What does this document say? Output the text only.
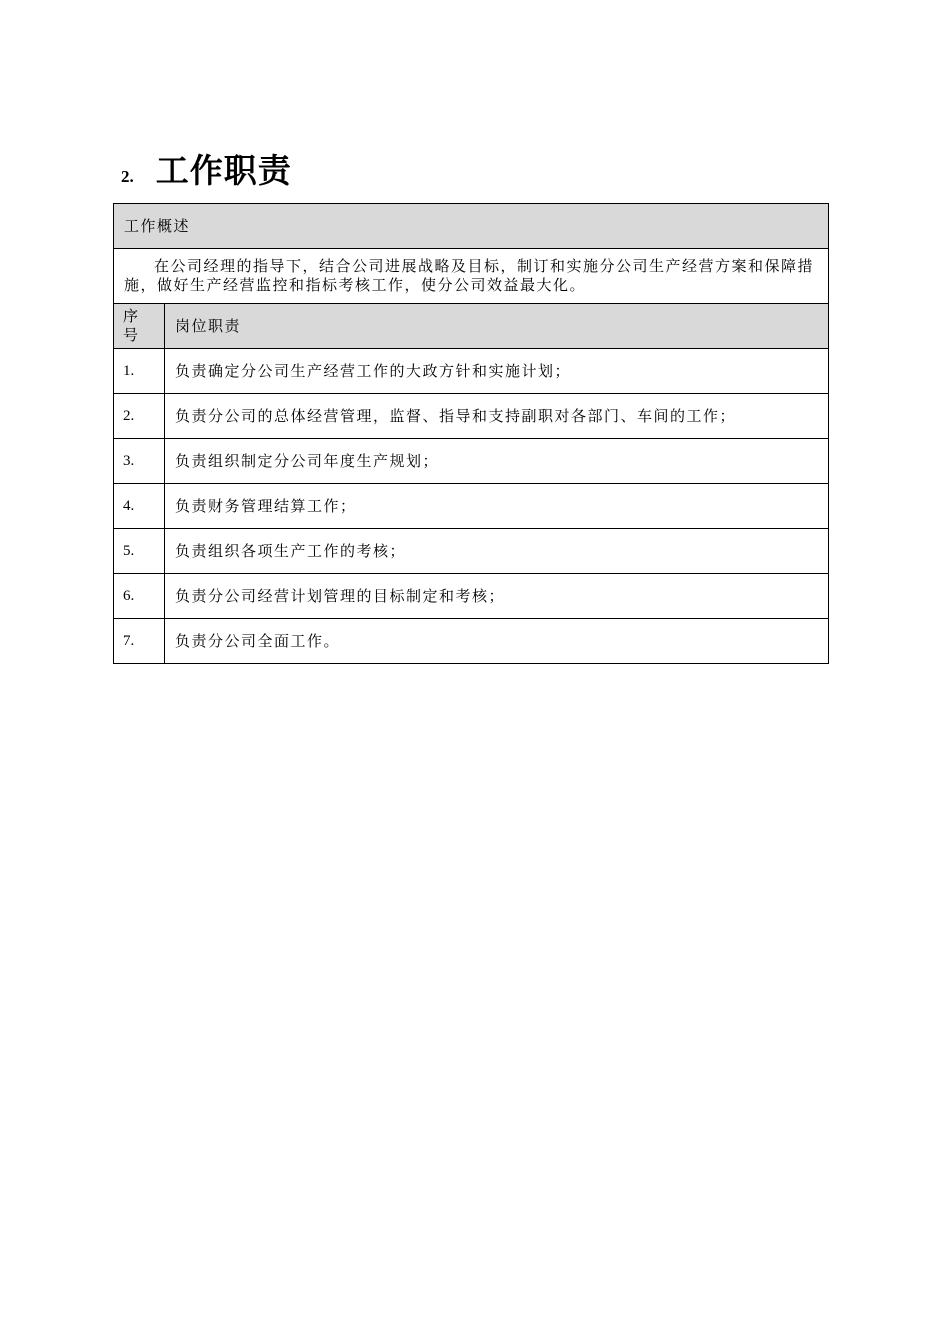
2. 工作职责
工作概述	
在公司经理的指导下，结合公司进展战略及目标，制订和实施分公司生产经营方案和保障措施，做好生产经营监控和指标考核工作，使分公司效益最大化。	

序
号	岗位职责
1.	负责确定分公司生产经营工作的大政方针和实施计划；
2.	负责分公司的总体经营管理，监督、指导和支持副职对各部门、车间的工作；
3.	负责组织制定分公司年度生产规划；
4.	负责财务管理结算工作；
5.	负责组织各项生产工作的考核；
6.	负责分公司经营计划管理的目标制定和考核；
7.	负责分公司全面工作。
